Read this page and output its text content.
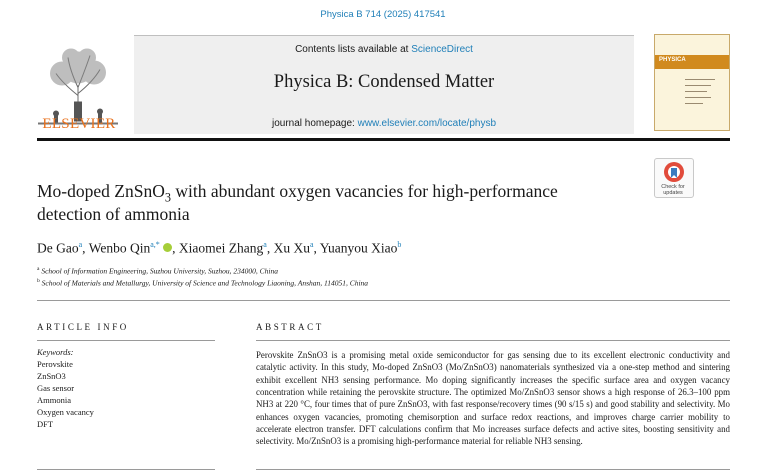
Physica B 714 (2025) 417541
ELSEVIER
Contents lists available at ScienceDirect
Physica B: Condensed Matter
journal homepage: www.elsevier.com/locate/physb
PHYSICA
Mo-doped ZnSnO$_3$ with abundant oxygen vacancies for high-performance
detection of ammonia
Check for updates
De Gao$^a$, Wenbo Qin$^{a,*}$ , Xiaomei Zhang$^a$, Xu Xu$^a$, Yuanyou Xiao$^b$
$^a$ School of Information Engineering, Suzhou University, Suzhou, 234000, China
$^b$ School of Materials and Metallurgy, University of Science and Technology Liaoning, Anshan, 114051, China
ARTICLE INFO	ABSTRACT
Keywords:
Perovskite
ZnSnO3
Gas sensor
Ammonia
Oxygen vacancy
DFT
Perovskite ZnSnO3 is a promising metal oxide semiconductor for gas sensing due to its excellent electronic conductivity and catalytic activity. In this study, Mo-doped ZnSnO3 (Mo/ZnSnO3) nanomaterials synthesized via a one-step method and sintering exhibit excellent NH3 sensing performance. Mo doping significantly increases the specific surface area and oxygen vacancy concentration while retaining the perovskite structure. The optimized Mo/ZnSnO3 sensor shows a high response of 26.3–100 ppm NH3 at 220 °C, four times that of pure ZnSnO3, with fast response/recovery times (90 s/15 s) and good stability and selectivity. Mo enhances oxygen vacancies, promoting chemisorption and surface redox reactions, and improves charge carrier mobility to accelerate electron transfer. DFT calculations confirm that Mo increases surface defects and active sites, boosting sensitivity and selectivity. Mo/ZnSnO3 is a promising high-performance material for reliable NH3 sensing.
